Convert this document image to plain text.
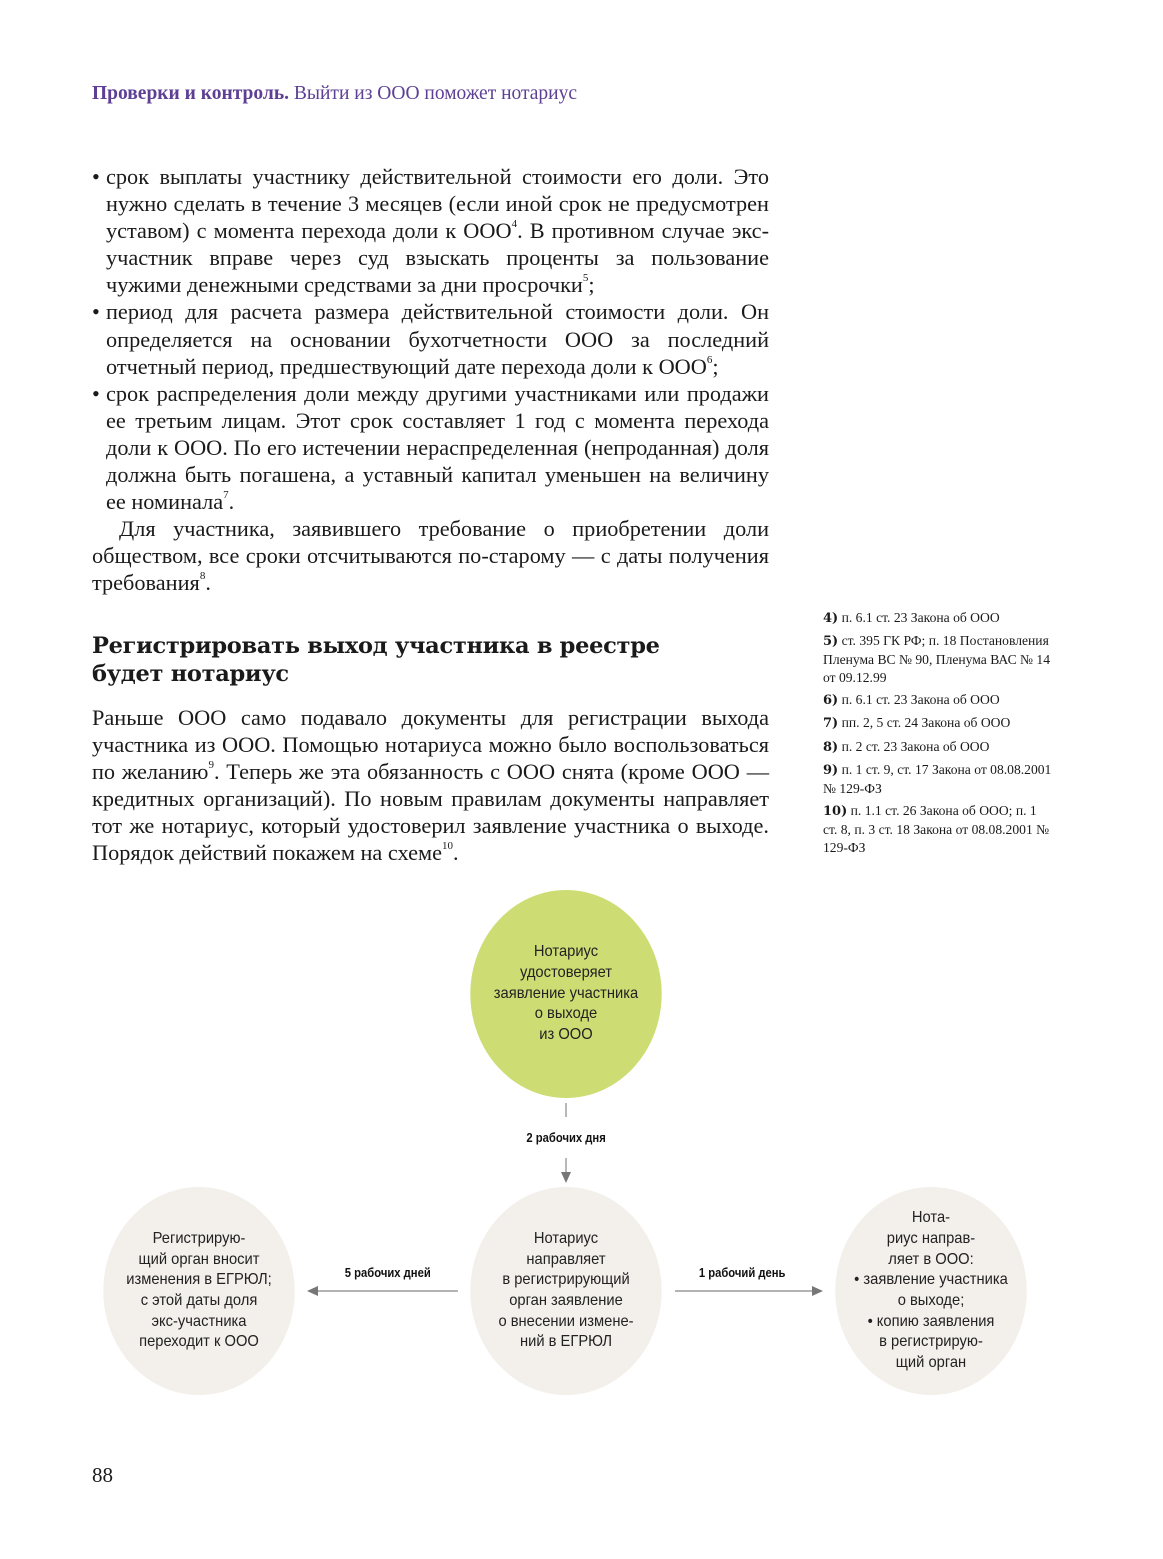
Проверки и контроль. Выйти из ООО поможет нотариус
• срок выплаты участнику действительной стоимости его доли. Это нужно сделать в течение 3 месяцев (если иной срок не предусмотрен уставом) с момента перехода доли к ООО$^4$. В противном случае экс-участник вправе через суд взыскать проценты за пользование чужими денежными средствами за дни просрочки$^5$;
• период для расчета размера действительной стоимости доли. Он определяется на основании бухотчетности ООО за последний отчетный период, предшествующий дате перехода доли к ООО$^6$;
• срок распределения доли между другими участниками или продажи ее третьим лицам. Этот срок составляет 1 год с момента перехода доли к ООО. По его истечении нераспределенная (непроданная) доля должна быть погашена, а уставный капитал уменьшен на величину ее номинала$^7$.
Для участника, заявившего требование о приобретении доли обществом, все сроки отсчитываются по-старому — с даты получения требования$^8$.
Регистрировать выход участника в реестре будет нотариус
Раньше ООО само подавало документы для регистрации выхода участника из ООО. Помощью нотариуса можно было воспользоваться по желанию$^9$. Теперь же эта обязанность с ООО снята (кроме ООО — кредитных организаций). По новым правилам документы направляет тот же нотариус, который удостоверил заявление участника о выходе. Порядок действий покажем на схеме$^{10}$.
4) п. 6.1 ст. 23 Закона об ООО
5) ст. 395 ГК РФ; п. 18 Постановления Пленума ВС № 90, Пленума ВАС № 14 от 09.12.99
6) п. 6.1 ст. 23 Закона об ООО
7) пп. 2, 5 ст. 24 Закона об ООО
8) п. 2 ст. 23 Закона об ООО
9) п. 1 ст. 9, ст. 17 Закона от 08.08.2001 № 129-ФЗ
10) п. 1.1 ст. 26 Закона об ООО; п. 1 ст. 8, п. 3 ст. 18 Закона от 08.08.2001 № 129-ФЗ
Нотариус
удостоверяет
заявление участника
о выходе
из ООО
Нотариус
направляет
в регистрирующий
орган заявление
о внесении измене-
ний в ЕГРЮЛ
Регистрирую-
щий орган вносит
изменения в ЕГРЮЛ;
с этой даты доля
экс-участника
переходит к ООО
Нота-
риус направ-
ляет в ООО:
• заявление участника
о выходе;
• копию заявления
в регистрирую-
щий орган
2 рабочих дня
5 рабочих дней	1 рабочий день
88
